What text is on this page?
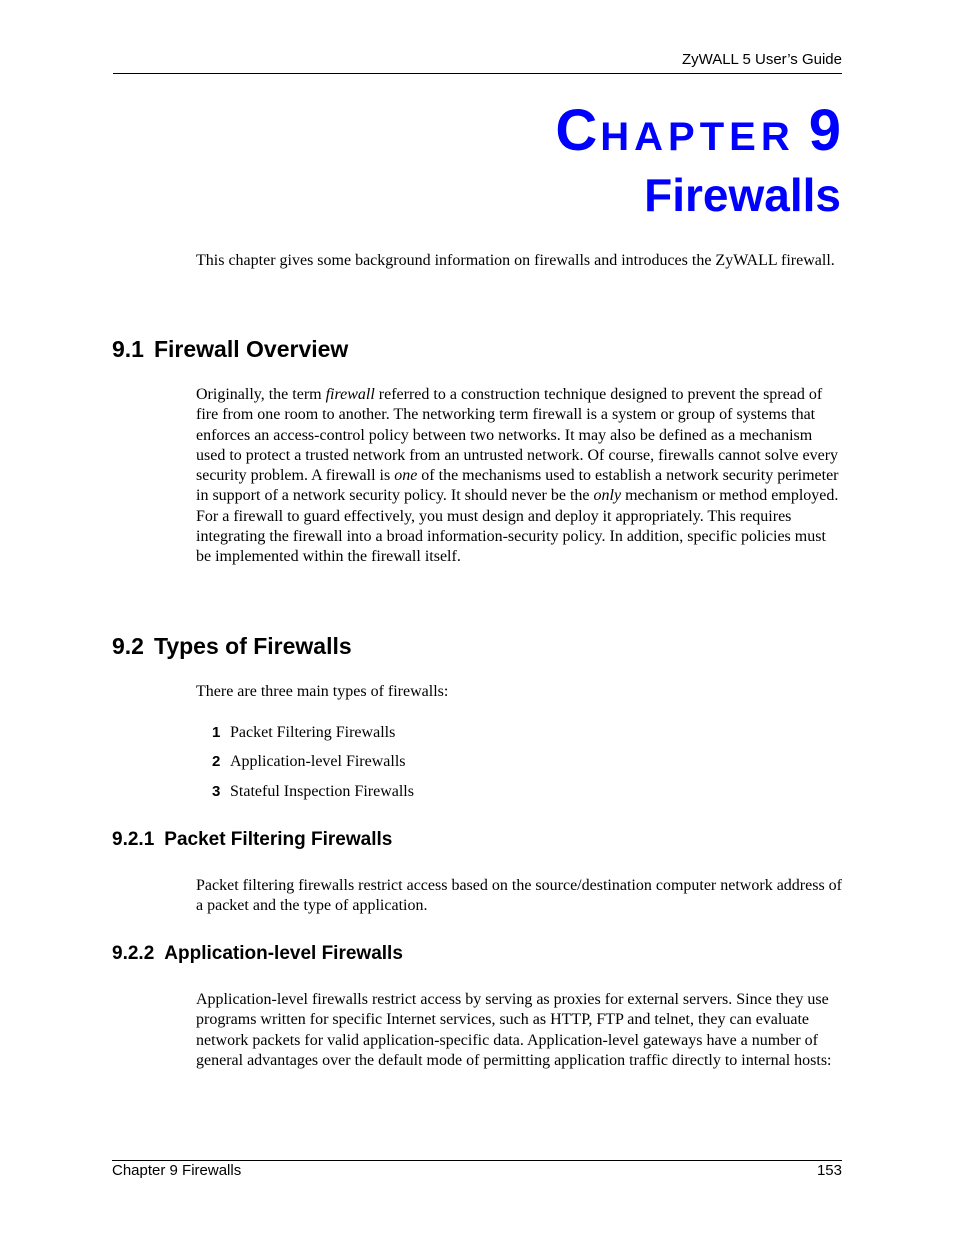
ZyWALL 5 User’s Guide
CHAPTER 9
Firewalls
This chapter gives some background information on firewalls and introduces the ZyWALL firewall.
9.1 Firewall Overview
Originally, the term firewall referred to a construction technique designed to prevent the spread of fire from one room to another. The networking term firewall is a system or group of systems that enforces an access-control policy between two networks. It may also be defined as a mechanism used to protect a trusted network from an untrusted network. Of course, firewalls cannot solve every security problem. A firewall is one of the mechanisms used to establish a network security perimeter in support of a network security policy. It should never be the only mechanism or method employed. For a firewall to guard effectively, you must design and deploy it appropriately. This requires integrating the firewall into a broad information-security policy. In addition, specific policies must be implemented within the firewall itself.
9.2 Types of Firewalls
There are three main types of firewalls:
1 Packet Filtering Firewalls
2 Application-level Firewalls
3 Stateful Inspection Firewalls
9.2.1 Packet Filtering Firewalls
Packet filtering firewalls restrict access based on the source/destination computer network address of a packet and the type of application.
9.2.2 Application-level Firewalls
Application-level firewalls restrict access by serving as proxies for external servers. Since they use programs written for specific Internet services, such as HTTP, FTP and telnet, they can evaluate network packets for valid application-specific data. Application-level gateways have a number of general advantages over the default mode of permitting application traffic directly to internal hosts:
Chapter 9 Firewalls	153
